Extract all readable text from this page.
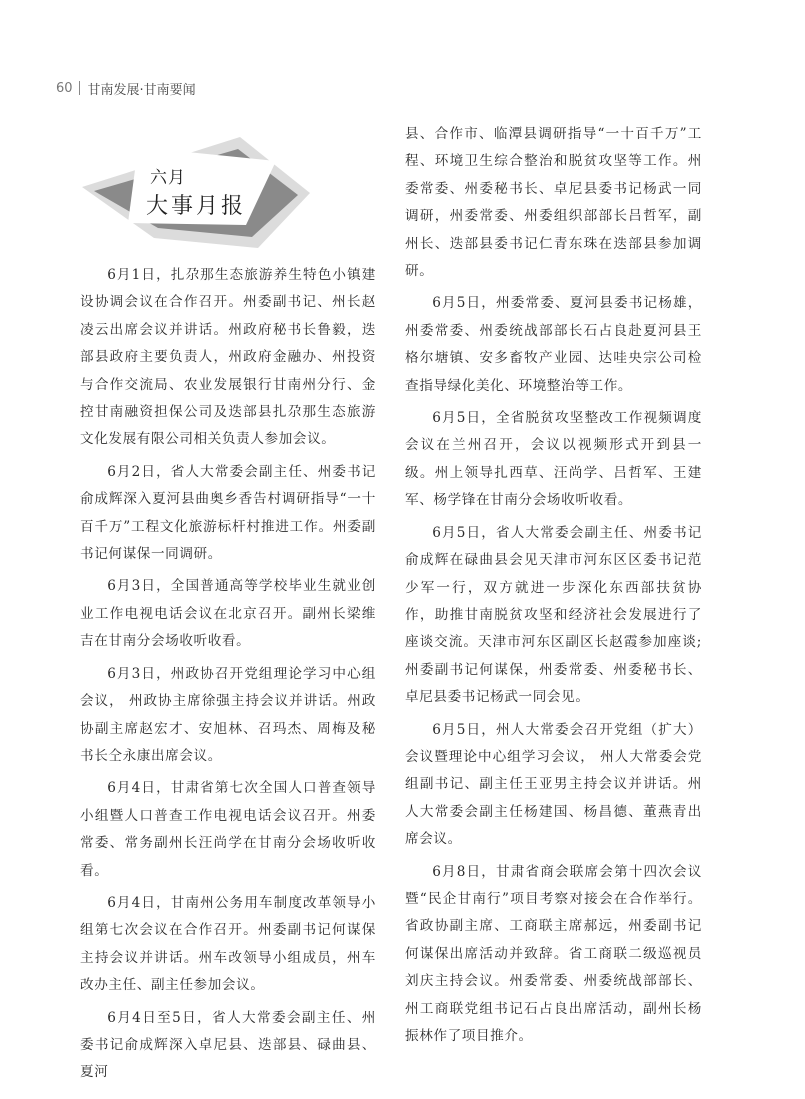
60 甘南发展·甘南要闻
六月
大事月报

6月1日，扎尕那生态旅游养生特色小镇建设协调会议在合作召开。州委副书记、州长赵凌云出席会议并讲话。州政府秘书长鲁毅，迭部县政府主要负责人，州政府金融办、州投资与合作交流局、农业发展银行甘南州分行、金控甘南融资担保公司及迭部县扎尕那生态旅游文化发展有限公司相关负责人参加会议。

6月2日，省人大常委会副主任、州委书记俞成辉深入夏河县曲奥乡香告村调研指导“一十百千万”工程文化旅游标杆村推进工作。州委副书记何谋保一同调研。

6月3日，全国普通高等学校毕业生就业创业工作电视电话会议在北京召开。副州长梁维吉在甘南分会场收听收看。

6月3日，州政协召开党组理论学习中心组会议， 州政协主席徐强主持会议并讲话。州政协副主席赵宏才、安旭林、召玛杰、周梅及秘书长仝永康出席会议。

6月4日，甘肃省第七次全国人口普查领导小组暨人口普查工作电视电话会议召开。州委常委、常务副州长汪尚学在甘南分会场收听收看。

6月4日，甘南州公务用车制度改革领导小组第七次会议在合作召开。州委副书记何谋保主持会议并讲话。州车改领导小组成员，州车改办主任、副主任参加会议。

6月4日至5日，省人大常委会副主任、州委书记俞成辉深入卓尼县、迭部县、碌曲县、夏河

县、合作市、临潭县调研指导“一十百千万”工程、环境卫生综合整治和脱贫攻坚等工作。州委常委、州委秘书长、卓尼县委书记杨武一同调研，州委常委、州委组织部部长吕哲军，副州长、迭部县委书记仁青东珠在迭部县参加调研。

6月5日，州委常委、夏河县委书记杨雄，州委常委、州委统战部部长石占良赴夏河县王格尔塘镇、安多畜牧产业园、达哇央宗公司检查指导绿化美化、环境整治等工作。

6月5日，全省脱贫攻坚整改工作视频调度会议在兰州召开，会议以视频形式开到县一级。州上领导扎西草、汪尚学、吕哲军、王建军、杨学锋在甘南分会场收听收看。

6月5日，省人大常委会副主任、州委书记俞成辉在碌曲县会见天津市河东区区委书记范少军一行，双方就进一步深化东西部扶贫协作，助推甘南脱贫攻坚和经济社会发展进行了座谈交流。天津市河东区副区长赵霞参加座谈;州委副书记何谋保，州委常委、州委秘书长、卓尼县委书记杨武一同会见。

6月5日，州人大常委会召开党组（扩大）会议暨理论中心组学习会议， 州人大常委会党组副书记、副主任王亚男主持会议并讲话。州人大常委会副主任杨建国、杨昌德、董燕青出席会议。

6月8日，甘肃省商会联席会第十四次会议暨“民企甘南行”项目考察对接会在合作举行。省政协副主席、工商联主席郝远，州委副书记何谋保出席活动并致辞。省工商联二级巡视员刘庆主持会议。州委常委、州委统战部部长、州工商联党组书记石占良出席活动，副州长杨振林作了项目推介。
